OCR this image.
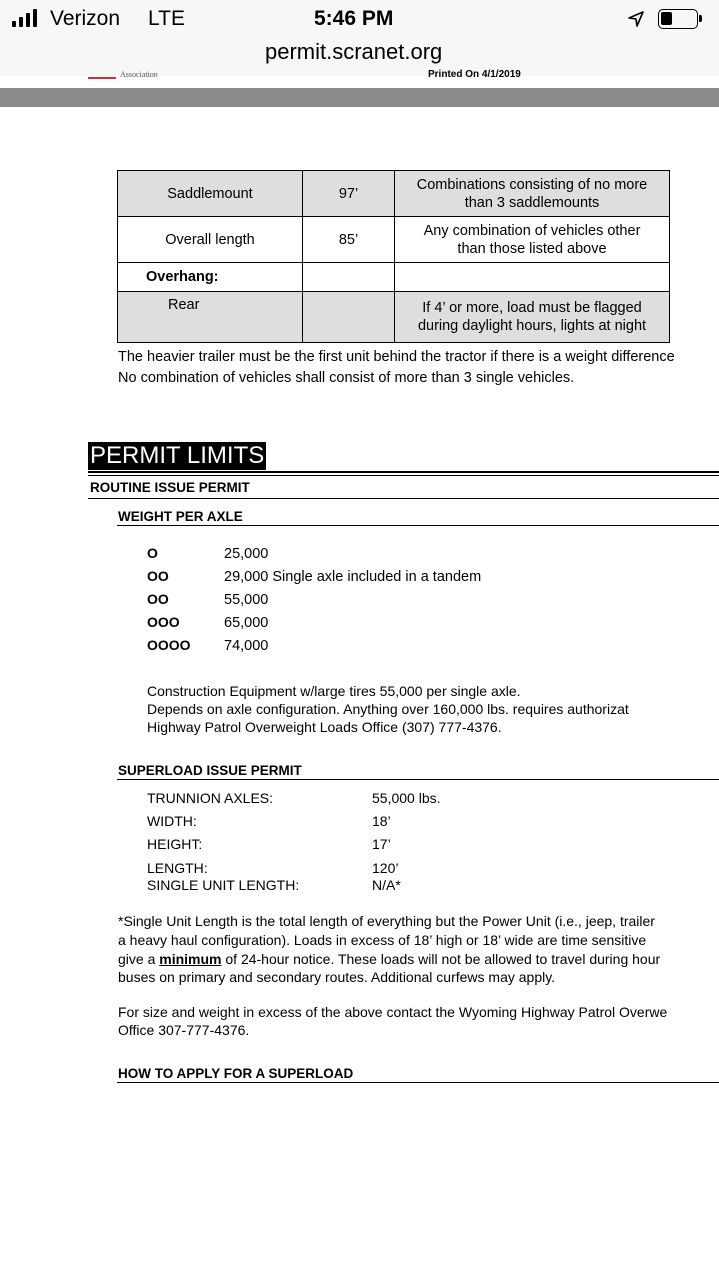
Verizon LTE	5:46 PM
permit.scranet.org
Association	Printed On 4/1/2019
Saddlemount	97’	Combinations consisting of no more
than 3 saddlemounts

Overall length	85’	Any combination of vehicles other
than those listed above

Overhang:		
Rear		If 4’ or more, load must be flagged
during daylight hours, lights at night
The heavier trailer must be the first unit behind the tractor if there is a weight difference
No combination of vehicles shall consist of more than 3 single vehicles.
PERMIT LIMITS
ROUTINE ISSUE PERMIT
WEIGHT PER AXLE
O	25,000
OO	29,000 Single axle included in a tandem
OO	55,000
OOO	65,000
OOOO 74,000
Construction Equipment w/large tires 55,000 per single axle.
Depends on axle configuration. Anything over 160,000 lbs. requires authorizat
Highway Patrol Overweight Loads Office (307) 777-4376.
SUPERLOAD ISSUE PERMIT
TRUNNION AXLES:	55,000 lbs.
WIDTH:	18’
HEIGHT:	17’
LENGTH:	120’
SINGLE UNIT LENGTH:	N/A*
*Single Unit Length is the total length of everything but the Power Unit (i.e., jeep, trailer
a heavy haul configuration). Loads in excess of 18’ high or 18’ wide are time sensitive
give a minimum of 24-hour notice. These loads will not be allowed to travel during hour
buses on primary and secondary routes. Additional curfews may apply.
For size and weight in excess of the above contact the Wyoming Highway Patrol Overwe
Office 307-777-4376.
HOW TO APPLY FOR A SUPERLOAD
